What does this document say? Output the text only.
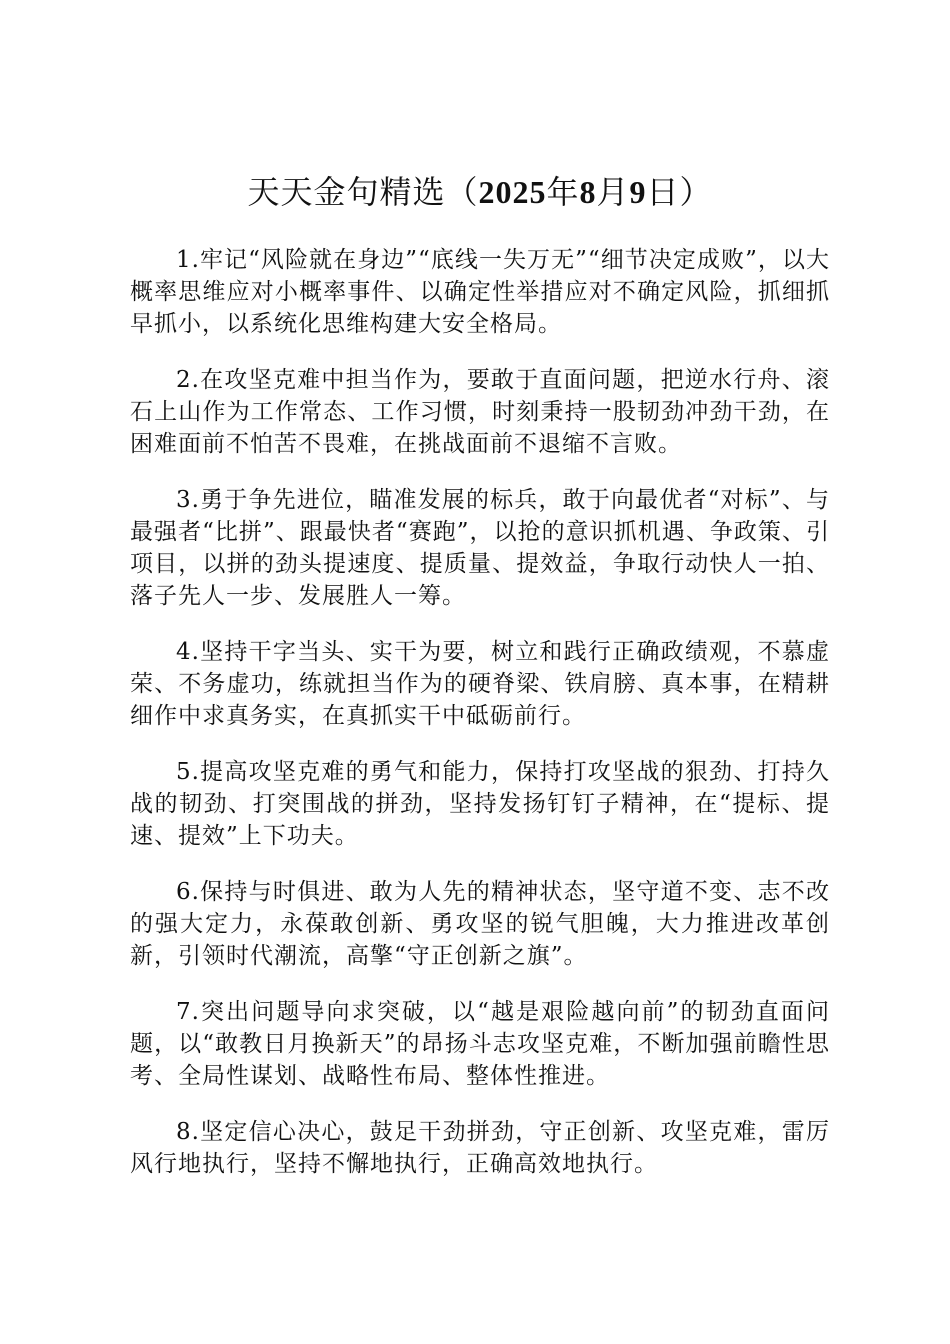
天天金句精选（2025年8月9日）

1.牢记“风险就在身边”“底线一失万无”“细节决定成败”，以大概率思维应对小概率事件、以确定性举措应对不确定风险，抓细抓早抓小，以系统化思维构建大安全格局。

2.在攻坚克难中担当作为，要敢于直面问题，把逆水行舟、滚石上山作为工作常态、工作习惯，时刻秉持一股韧劲冲劲干劲，在困难面前不怕苦不畏难，在挑战面前不退缩不言败。

3.勇于争先进位，瞄准发展的标兵，敢于向最优者“对标”、与最强者“比拼”、跟最快者“赛跑”，以抢的意识抓机遇、争政策、引项目，以拼的劲头提速度、提质量、提效益，争取行动快人一拍、落子先人一步、发展胜人一筹。

4.坚持干字当头、实干为要，树立和践行正确政绩观，不慕虚荣、不务虚功，练就担当作为的硬脊梁、铁肩膀、真本事，在精耕细作中求真务实，在真抓实干中砥砺前行。

5.提高攻坚克难的勇气和能力，保持打攻坚战的狠劲、打持久战的韧劲、打突围战的拼劲，坚持发扬钉钉子精神，在“提标、提速、提效”上下功夫。

6.保持与时俱进、敢为人先的精神状态，坚守道不变、志不改的强大定力，永葆敢创新、勇攻坚的锐气胆魄，大力推进改革创新，引领时代潮流，高擎“守正创新之旗”。

7.突出问题导向求突破，以“越是艰险越向前”的韧劲直面问题，以“敢教日月换新天”的昂扬斗志攻坚克难，不断加强前瞻性思考、全局性谋划、战略性布局、整体性推进。

8.坚定信心决心，鼓足干劲拼劲，守正创新、攻坚克难，雷厉风行地执行，坚持不懈地执行，正确高效地执行。
